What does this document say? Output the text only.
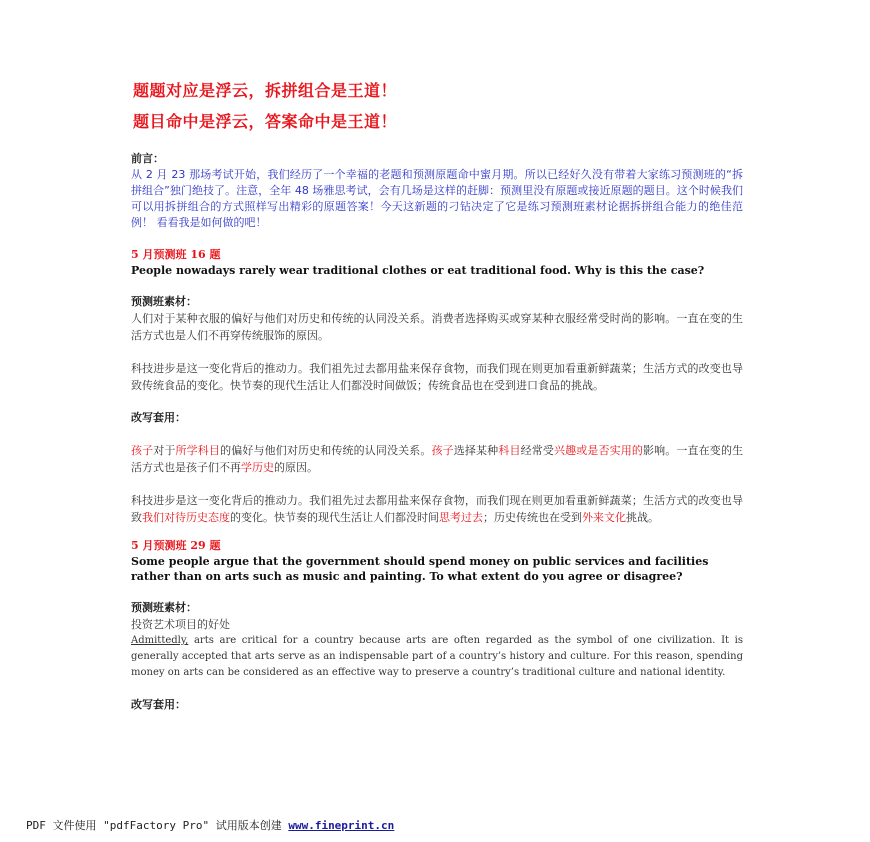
题题对应是浮云，拆拼组合是王道！
题目命中是浮云，答案命中是王道！
前言：
从 2 月 23 那场考试开始，我们经历了一个幸福的老题和预测原题命中蜜月期。所以已经好久没有带着大家练习预测班的“拆拼组合”独门绝技了。注意，全年 48 场雅思考试，会有几场是这样的赶脚：预测里没有原题或接近原题的题目。这个时候我们可以用拆拼组合的方式照样写出精彩的原题答案！今天这新题的刁钻决定了它是练习预测班素材论据拆拼组合能力的绝佳范例！ 看看我是如何做的吧！
5 月预测班 16 题
People nowadays rarely wear traditional clothes or eat traditional food. Why is this the case?
预测班素材：
人们对于某种衣服的偏好与他们对历史和传统的认同没关系。消费者选择购买或穿某种衣服经常受时尚的影响。一直在变的生活方式也是人们不再穿传统服饰的原因。
科技进步是这一变化背后的推动力。我们祖先过去都用盐来保存食物，而我们现在则更加看重新鲜蔬菜；生活方式的改变也导致传统食品的变化。快节奏的现代生活让人们都没时间做饭；传统食品也在受到进口食品的挑战。
改写套用：
孩子对于所学科目的偏好与他们对历史和传统的认同没关系。孩子选择某种科目经常受兴趣或是否实用的影响。一直在变的生活方式也是孩子们不再学历史的原因。
科技进步是这一变化背后的推动力。我们祖先过去都用盐来保存食物，而我们现在则更加看重新鲜蔬菜；生活方式的改变也导致我们对待历史态度的变化。快节奏的现代生活让人们都没时间思考过去；历史传统也在受到外来文化挑战。
5 月预测班 29 题
Some people argue that the government should spend money on public services and facilities rather than on arts such as music and painting. To what extent do you agree or disagree?
预测班素材：
投资艺术项目的好处
Admittedly, arts are critical for a country because arts are often regarded as the symbol of one civilization. It is generally accepted that arts serve as an indispensable part of a country’s history and culture. For this reason, spending money on arts can be considered as an effective way to preserve a country’s traditional culture and national identity.
改写套用：
PDF 文件使用 "pdfFactory Pro" 试用版本创建 www.fineprint.cn
